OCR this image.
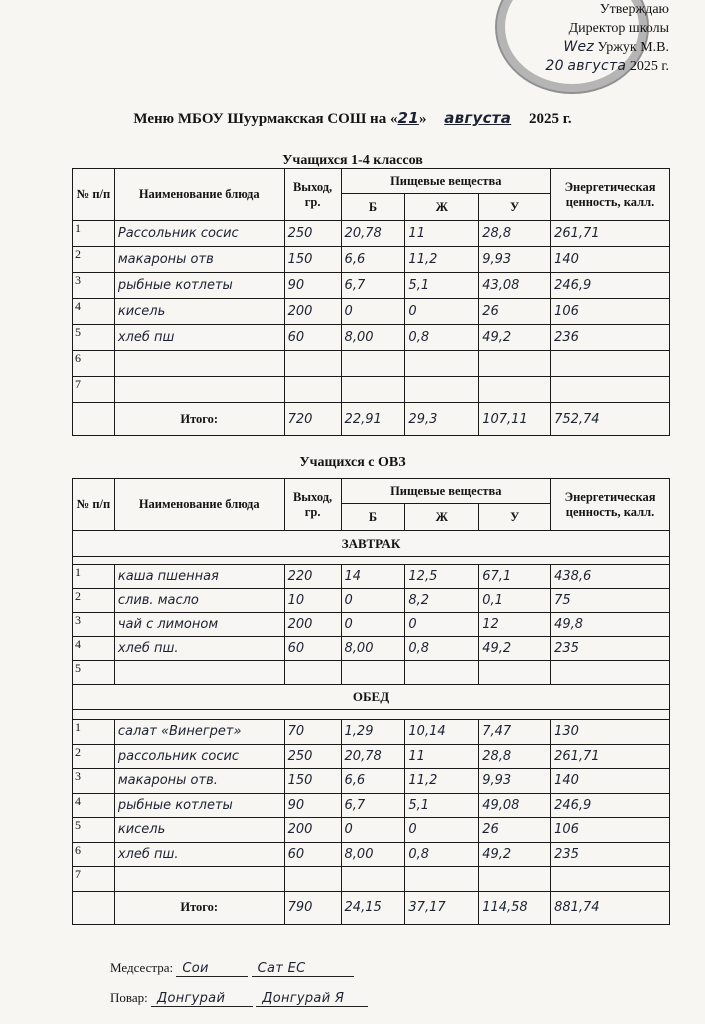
Утверждаю
Директор школы
Wez Уржук М.В.
20 августа 2025 г.
Меню МБОУ Шуурмакская СОШ на «21» августа 2025 г.
Учащихся 1-4 классов
№ п/п	Наименование блюда	Выход, гр.	Пищевые вещества			Энергетическая ценность, калл.
			Б	Ж	У	
1	Рассольник сосис	250	20,78	11	28,8	261,71
2	макароны отв	150	6,6	11,2	9,93	140
3	рыбные котлеты	90	6,7	5,1	43,08	246,9
4	кисель	200	0	0	26	106
5	хлеб пш	60	8,00	0,8	49,2	236
6						
7						
	Итого:	720	22,91	29,3	107,11	752,74
Учащихся с ОВЗ
№ п/п	Наименование блюда	Выход, гр.	Пищевые вещества			Энергетическая ценность, калл.
			Б	Ж	У	
ЗАВТРАК						

1	каша пшенная	220	14	12,5	67,1	438,6
2	слив. масло	10	0	8,2	0,1	75
3	чай с лимоном	200	0	0	12	49,8
4	хлеб пш.	60	8,00	0,8	49,2	235
5						
ОБЕД						

1	салат «Винегрет»	70	1,29	10,14	7,47	130
2	рассольник сосис	250	20,78	11	28,8	261,71
3	макароны отв.	150	6,6	11,2	9,93	140
4	рыбные котлеты	90	6,7	5,1	49,08	246,9
5	кисель	200	0	0	26	106
6	хлеб пш.	60	8,00	0,8	49,2	235
7						
	Итого:	790	24,15	37,17	114,58	881,74
Медсестра: Сои	Сат ЕС
Повар: Донгурай	Донгурай Я
